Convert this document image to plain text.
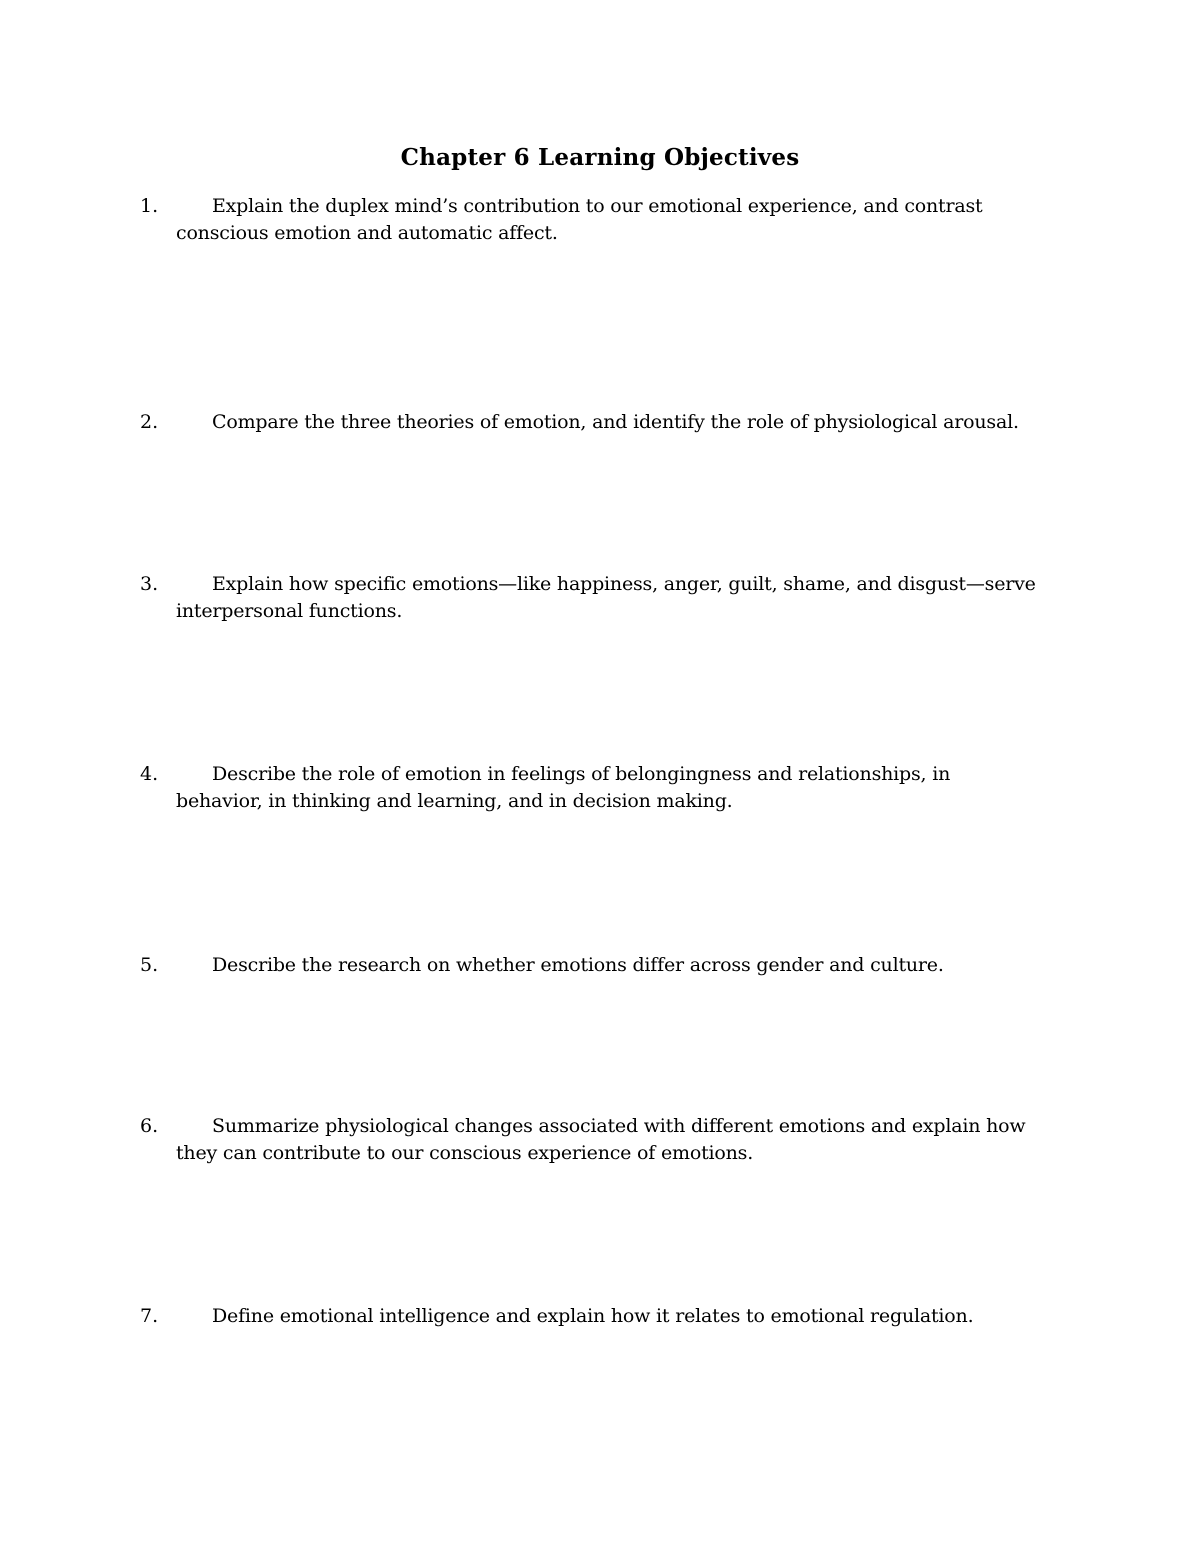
Chapter 6 Learning Objectives
1.	Explain the duplex mind’s contribution to our emotional experience, and contrast conscious emotion and automatic affect.
2.	Compare the three theories of emotion, and identify the role of physiological arousal.
3.	Explain how specific emotions—like happiness, anger, guilt, shame, and disgust—serve interpersonal functions.
4.	Describe the role of emotion in feelings of belongingness and relationships, in behavior, in thinking and learning, and in decision making.
5.	Describe the research on whether emotions differ across gender and culture.
6.	Summarize physiological changes associated with different emotions and explain how they can contribute to our conscious experience of emotions.
7.	Define emotional intelligence and explain how it relates to emotional regulation.
